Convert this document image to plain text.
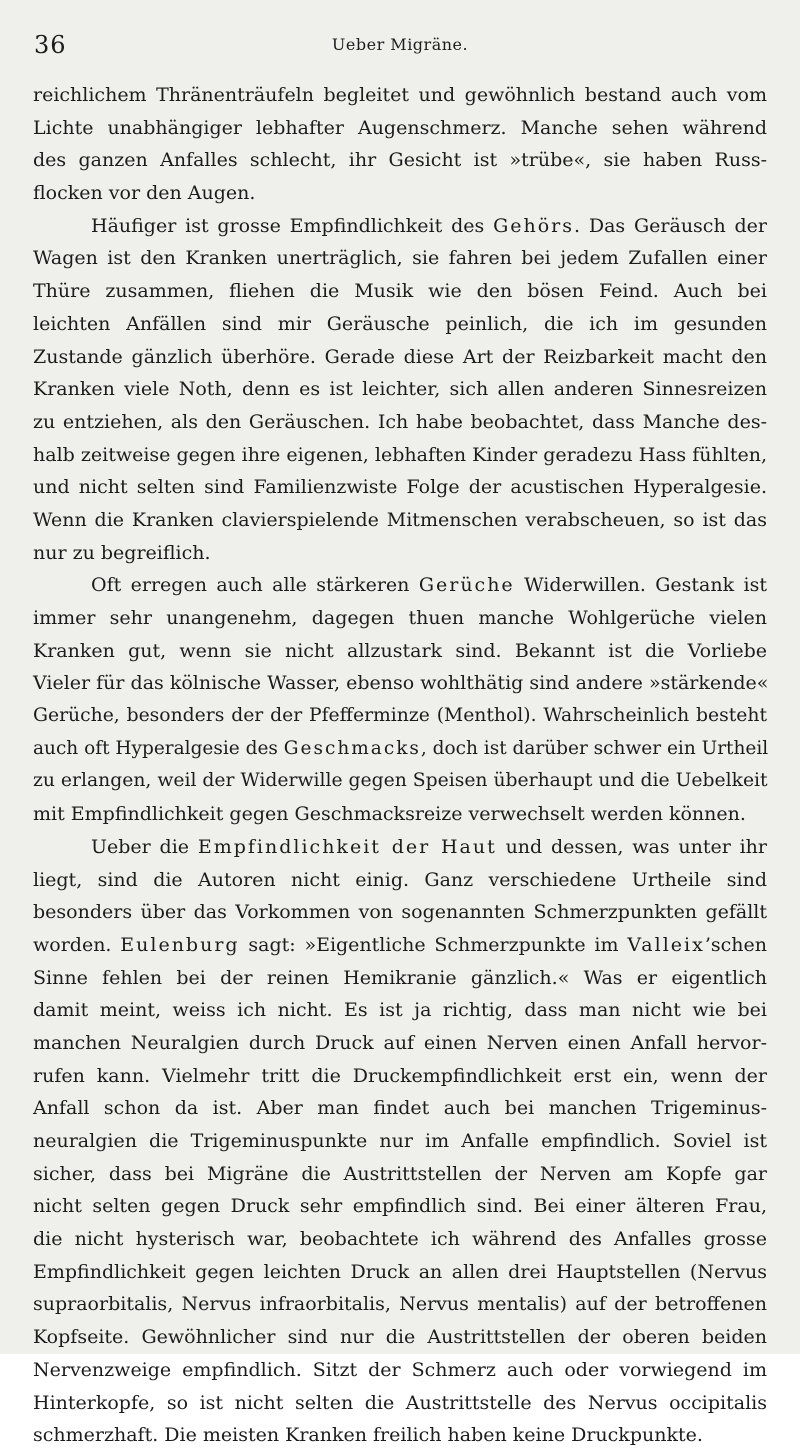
36	Ueber Migräne.
reichlichem Thränenträufeln begleitet und gewöhnlich bestand auch vom
Lichte unabhängiger lebhafter Augenschmerz. Manche sehen während
des ganzen Anfalles schlecht, ihr Gesicht ist »trübe«, sie haben Russ-
flocken vor den Augen.
Häufiger ist grosse Empfindlichkeit des Gehörs. Das Geräusch der
Wagen ist den Kranken unerträglich, sie fahren bei jedem Zufallen einer
Thüre zusammen, fliehen die Musik wie den bösen Feind. Auch bei
leichten Anfällen sind mir Geräusche peinlich, die ich im gesunden
Zustande gänzlich überhöre. Gerade diese Art der Reizbarkeit macht den
Kranken viele Noth, denn es ist leichter, sich allen anderen Sinnesreizen
zu entziehen, als den Geräuschen. Ich habe beobachtet, dass Manche des-
halb zeitweise gegen ihre eigenen, lebhaften Kinder geradezu Hass fühlten,
und nicht selten sind Familienzwiste Folge der acustischen Hyperalgesie.
Wenn die Kranken clavierspielende Mitmenschen verabscheuen, so ist das
nur zu begreiflich.
Oft erregen auch alle stärkeren Gerüche Widerwillen. Gestank ist
immer sehr unangenehm, dagegen thuen manche Wohlgerüche vielen
Kranken gut, wenn sie nicht allzustark sind. Bekannt ist die Vorliebe
Vieler für das kölnische Wasser, ebenso wohlthätig sind andere »stärkende«
Gerüche, besonders der der Pfefferminze (Menthol). Wahrscheinlich besteht
auch oft Hyperalgesie des Geschmacks, doch ist darüber schwer ein Urtheil
zu erlangen, weil der Widerwille gegen Speisen überhaupt und die Uebelkeit
mit Empfindlichkeit gegen Geschmacksreize verwechselt werden können.
Ueber die Empfindlichkeit der Haut und dessen, was unter ihr
liegt, sind die Autoren nicht einig. Ganz verschiedene Urtheile sind
besonders über das Vorkommen von sogenannten Schmerzpunkten gefällt
worden. Eulenburg sagt: »Eigentliche Schmerzpunkte im Valleix’schen
Sinne fehlen bei der reinen Hemikranie gänzlich.« Was er eigentlich
damit meint, weiss ich nicht. Es ist ja richtig, dass man nicht wie bei
manchen Neuralgien durch Druck auf einen Nerven einen Anfall hervor-
rufen kann. Vielmehr tritt die Druckempfindlichkeit erst ein, wenn der
Anfall schon da ist. Aber man findet auch bei manchen Trigeminus-
neuralgien die Trigeminuspunkte nur im Anfalle empfindlich. Soviel ist
sicher, dass bei Migräne die Austrittstellen der Nerven am Kopfe gar
nicht selten gegen Druck sehr empfindlich sind. Bei einer älteren Frau,
die nicht hysterisch war, beobachtete ich während des Anfalles grosse
Empfindlichkeit gegen leichten Druck an allen drei Hauptstellen (Nervus
supraorbitalis, Nervus infraorbitalis, Nervus mentalis) auf der betroffenen
Kopfseite. Gewöhnlicher sind nur die Austrittstellen der oberen beiden
Nervenzweige empfindlich. Sitzt der Schmerz auch oder vorwiegend im
Hinterkopfe, so ist nicht selten die Austrittstelle des Nervus occipitalis
schmerzhaft. Die meisten Kranken freilich haben keine Druckpunkte.
